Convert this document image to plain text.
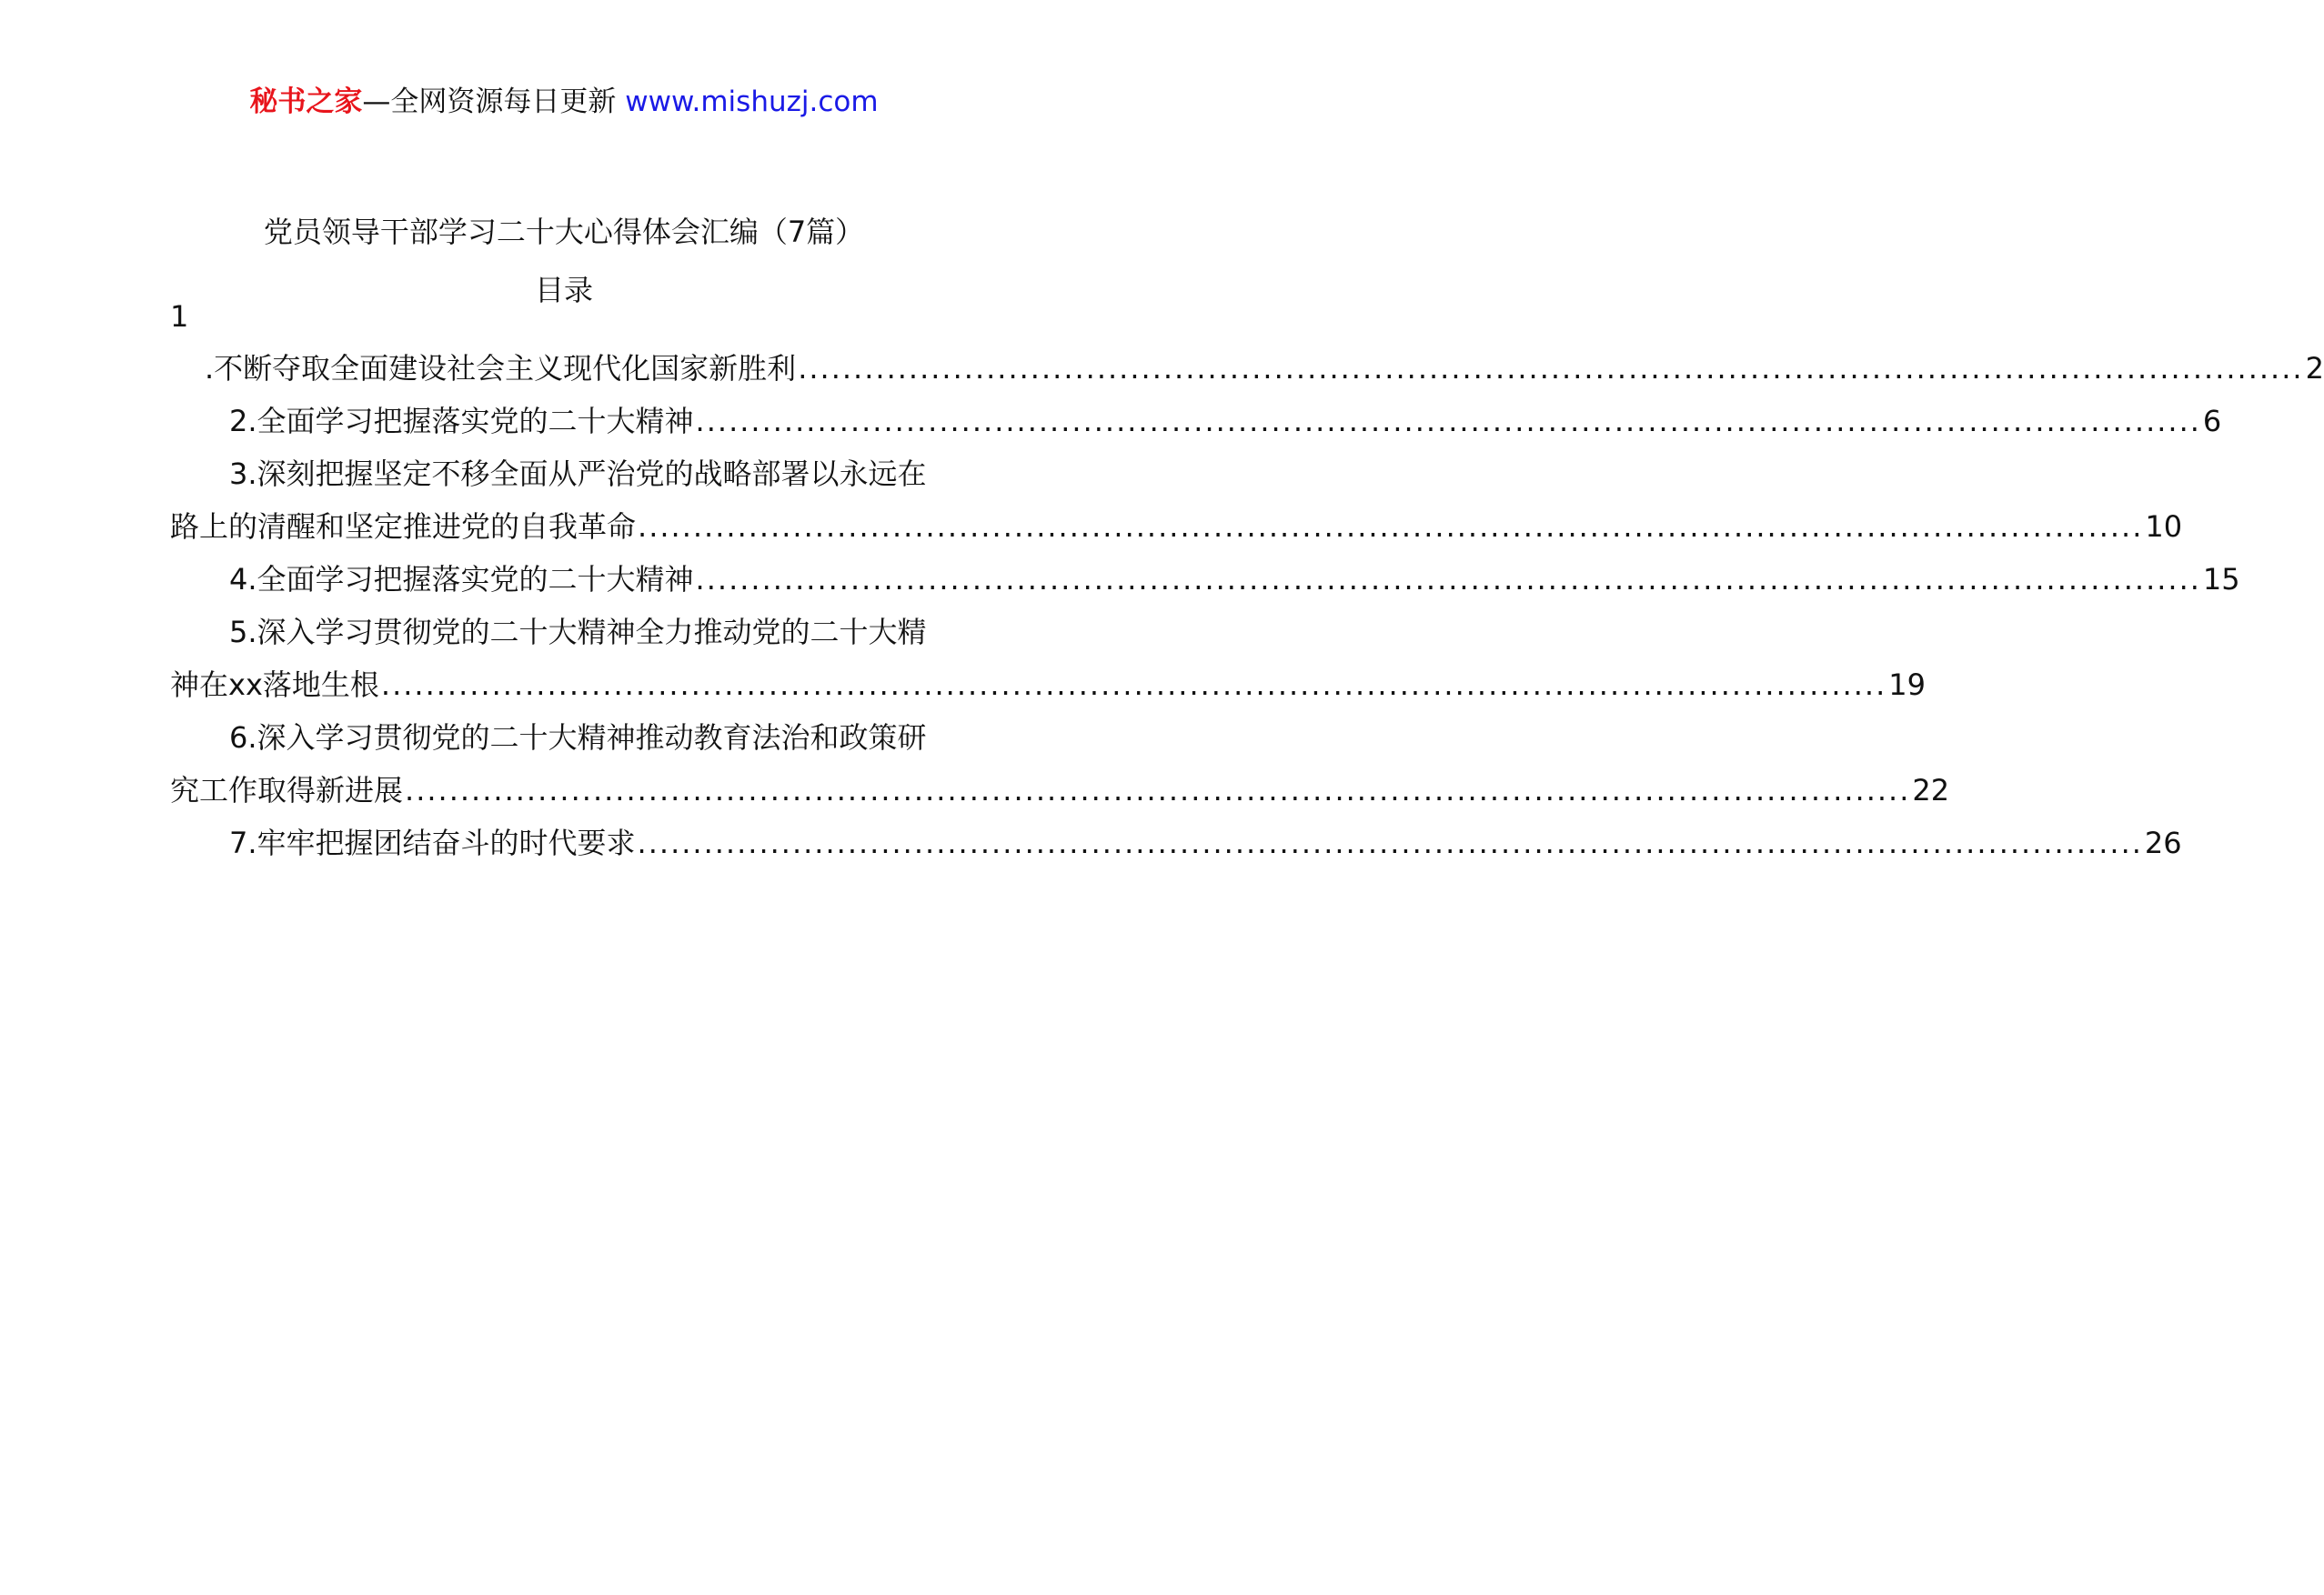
秘书之家—全网资源每日更新 www.mishuzj.com
党员领导干部学习二十大心得体会汇编（7篇）
目录
1
.不断夺取全面建设社会主义现代化国家新胜利 ........................................................................................................................................ 2
2.全面学习把握落实党的二十大精神 ........................................................................................................................................ 6
3.深刻把握坚定不移全面从严治党的战略部署以永远在
路上的清醒和坚定推进党的自我革命 ........................................................................................................................................ 10
4.全面学习把握落实党的二十大精神 ........................................................................................................................................ 15
5.深入学习贯彻党的二十大精神全力推动党的二十大精
神在xx落地生根 ........................................................................................................................................ 19
6.深入学习贯彻党的二十大精神推动教育法治和政策研
究工作取得新进展 ........................................................................................................................................ 22
7.牢牢把握团结奋斗的时代要求 ........................................................................................................................................ 26
